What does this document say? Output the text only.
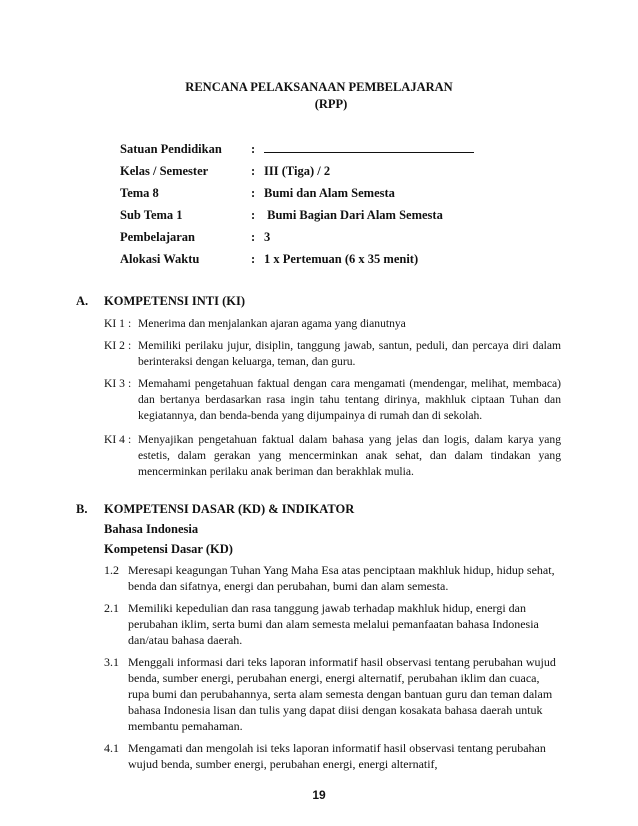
RENCANA PELAKSANAAN PEMBELAJARAN
(RPP)
Satuan Pendidikan :
Kelas / Semester	: III (Tiga) / 2
Tema 8	: Bumi dan Alam Semesta
Sub Tema 1	: Bumi Bagian Dari Alam Semesta
Pembelajaran	: 3
Alokasi Waktu	: 1 x Pertemuan (6 x 35 menit)
A. KOMPETENSI INTI (KI)
KI 1 : Menerima dan menjalankan ajaran agama yang dianutnya
KI 2 : Memiliki perilaku jujur, disiplin, tanggung jawab, santun, peduli, dan percaya diri dalam berinteraksi dengan keluarga, teman, dan guru.
KI 3 : Memahami pengetahuan faktual dengan cara mengamati (mendengar, melihat, membaca) dan bertanya berdasarkan rasa ingin tahu tentang dirinya, makhluk ciptaan Tuhan dan kegiatannya, dan benda-benda yang dijumpainya di rumah dan di sekolah.
KI 4 : Menyajikan pengetahuan faktual dalam bahasa yang jelas dan logis, dalam karya yang estetis, dalam gerakan yang mencerminkan anak sehat, dan dalam tindakan yang mencerminkan perilaku anak beriman dan berakhlak mulia.
B. KOMPETENSI DASAR (KD) & INDIKATOR
Bahasa Indonesia
Kompetensi Dasar (KD)
1.2 Meresapi keagungan Tuhan Yang Maha Esa atas penciptaan makhluk hidup, hidup sehat, benda dan sifatnya, energi dan perubahan, bumi dan alam semesta.
2.1 Memiliki kepedulian dan rasa tanggung jawab terhadap makhluk hidup, energi dan perubahan iklim, serta bumi dan alam semesta melalui pemanfaatan bahasa Indonesia dan/atau bahasa daerah.
3.1 Menggali informasi dari teks laporan informatif hasil observasi tentang perubahan wujud benda, sumber energi, perubahan energi, energi alternatif, perubahan iklim dan cuaca, rupa bumi dan perubahannya, serta alam semesta dengan bantuan guru dan teman dalam bahasa Indonesia lisan dan tulis yang dapat diisi dengan kosakata bahasa daerah untuk membantu pemahaman.
4.1 Mengamati dan mengolah isi teks laporan informatif hasil observasi tentang perubahan wujud benda, sumber energi, perubahan energi, energi alternatif,
19
